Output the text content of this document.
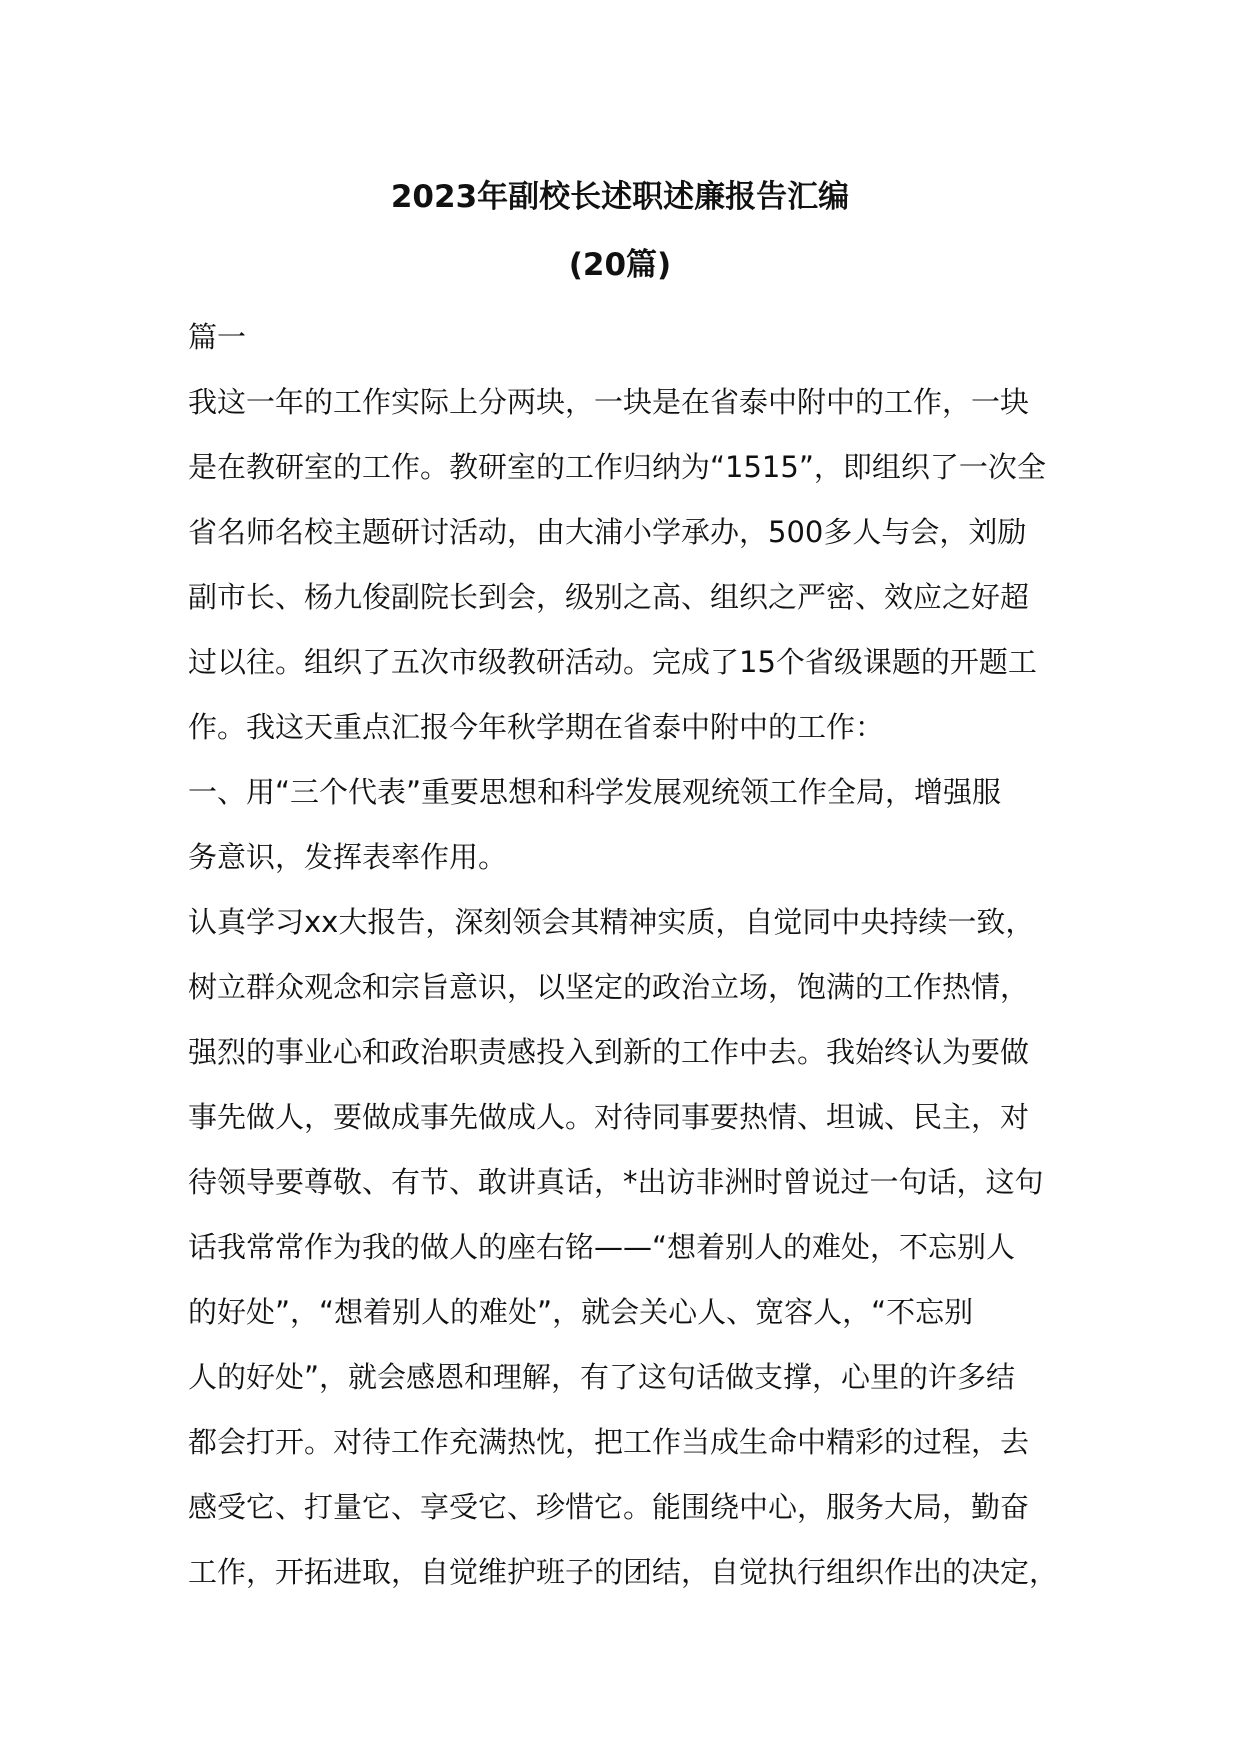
2023年副校长述职述廉报告汇编
(20篇)

篇一

我这一年的工作实际上分两块，一块是在省泰中附中的工作，一块

是在教研室的工作。教研室的工作归纳为“1515”，即组织了一次全

省名师名校主题研讨活动，由大浦小学承办，500多人与会，刘励

副市长、杨九俊副院长到会，级别之高、组织之严密、效应之好超

过以往。组织了五次市级教研活动。完成了15个省级课题的开题工

作。我这天重点汇报今年秋学期在省泰中附中的工作：

一、用“三个代表”重要思想和科学发展观统领工作全局，增强服

务意识，发挥表率作用。

认真学习xx大报告，深刻领会其精神实质，自觉同中央持续一致，

树立群众观念和宗旨意识，以坚定的政治立场，饱满的工作热情，

强烈的事业心和政治职责感投入到新的工作中去。我始终认为要做

事先做人，要做成事先做成人。对待同事要热情、坦诚、民主，对

待领导要尊敬、有节、敢讲真话，*出访非洲时曾说过一句话，这句

话我常常作为我的做人的座右铭——“想着别人的难处，不忘别人

的好处”，“想着别人的难处”，就会关心人、宽容人，“不忘别

人的好处”，就会感恩和理解，有了这句话做支撑，心里的许多结

都会打开。对待工作充满热忱，把工作当成生命中精彩的过程，去

感受它、打量它、享受它、珍惜它。能围绕中心，服务大局，勤奋

工作，开拓进取，自觉维护班子的团结，自觉执行组织作出的决定，
